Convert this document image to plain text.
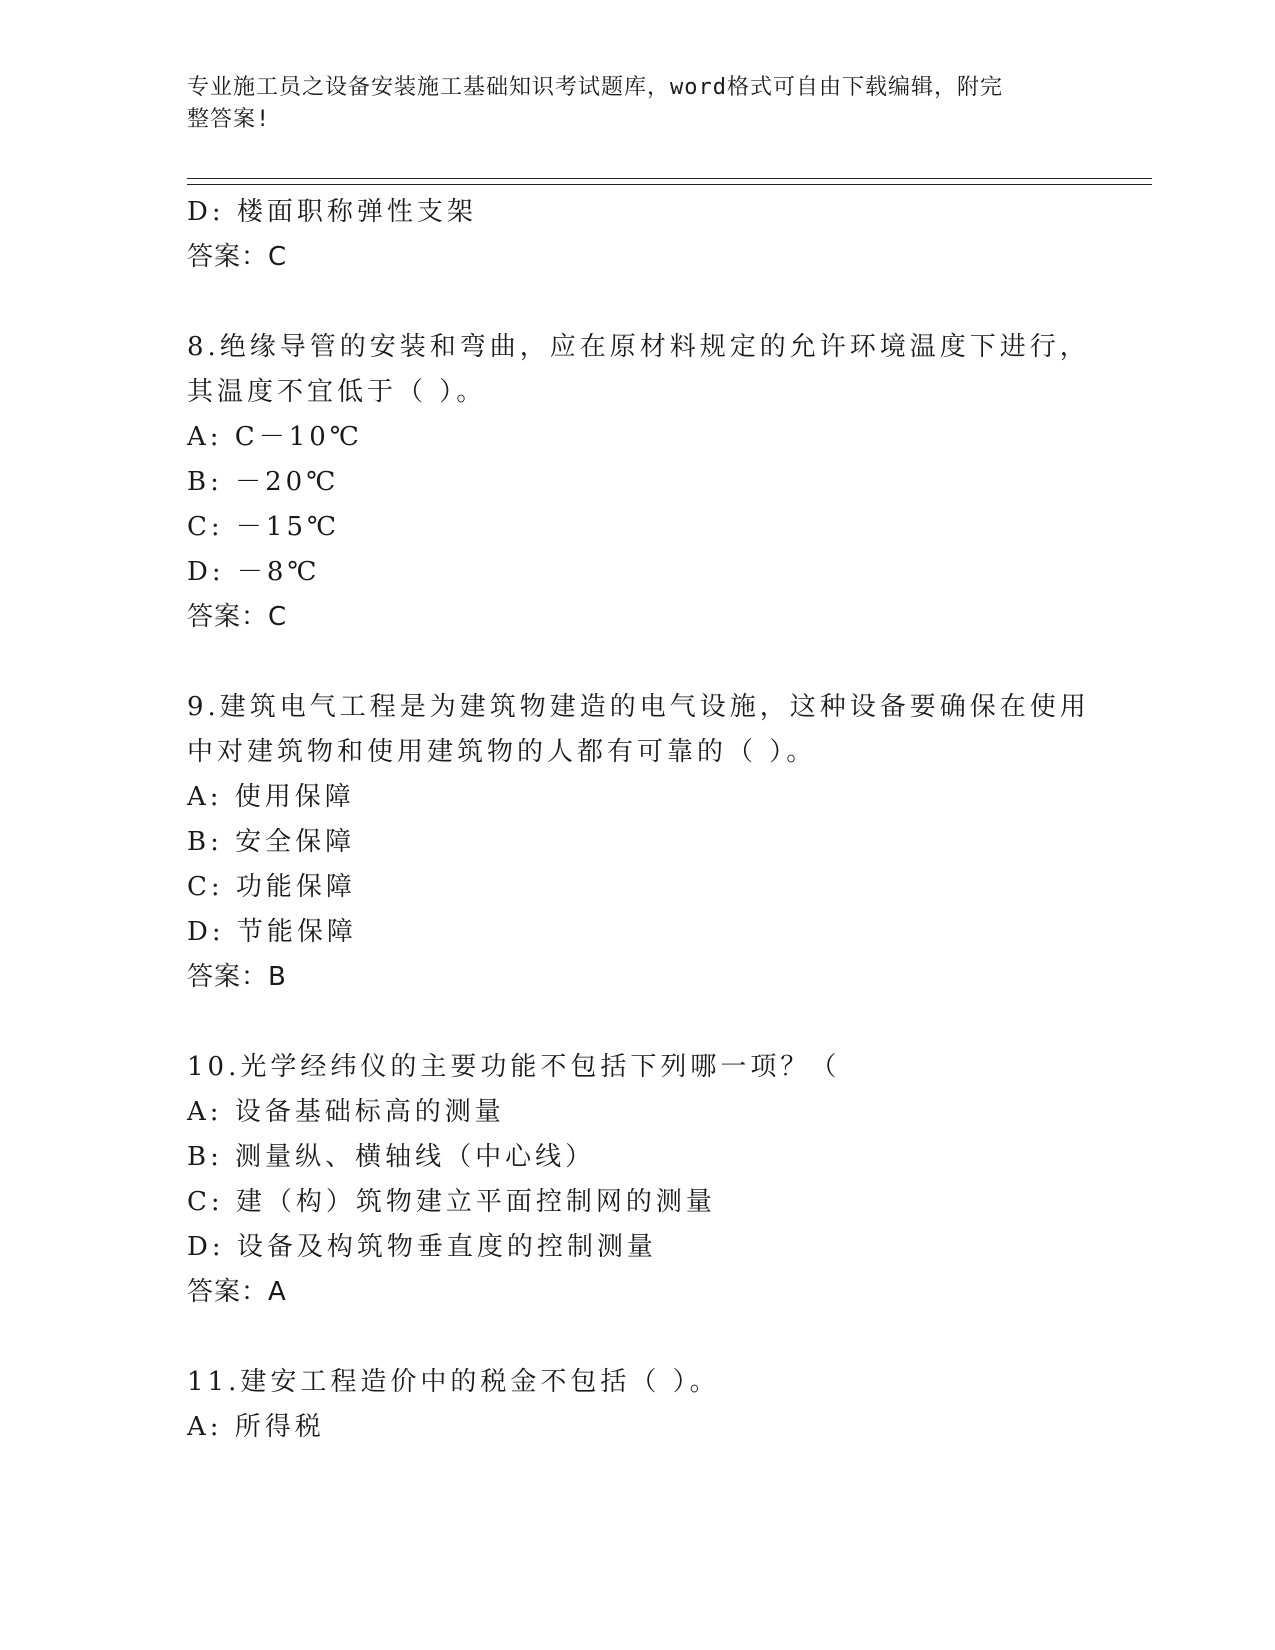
专业施工员之设备安装施工基础知识考试题库，word格式可自由下载编辑，附完
整答案!
D: 楼面职称弹性支架
答案：C
8.绝缘导管的安装和弯曲，应在原材料规定的允许环境温度下进行，
其温度不宜低于（ ）。
A: C－10℃
B: －20℃
C: －15℃
D: －8℃
答案：C
9.建筑电气工程是为建筑物建造的电气设施，这种设备要确保在使用
中对建筑物和使用建筑物的人都有可靠的（ ）。
A: 使用保障
B: 安全保障
C: 功能保障
D: 节能保障
答案：B
10.光学经纬仪的主要功能不包括下列哪一项？（
A: 设备基础标高的测量
B: 测量纵、横轴线（中心线）
C: 建（构）筑物建立平面控制网的测量
D: 设备及构筑物垂直度的控制测量
答案：A
11.建安工程造价中的税金不包括（ ）。
A: 所得税
